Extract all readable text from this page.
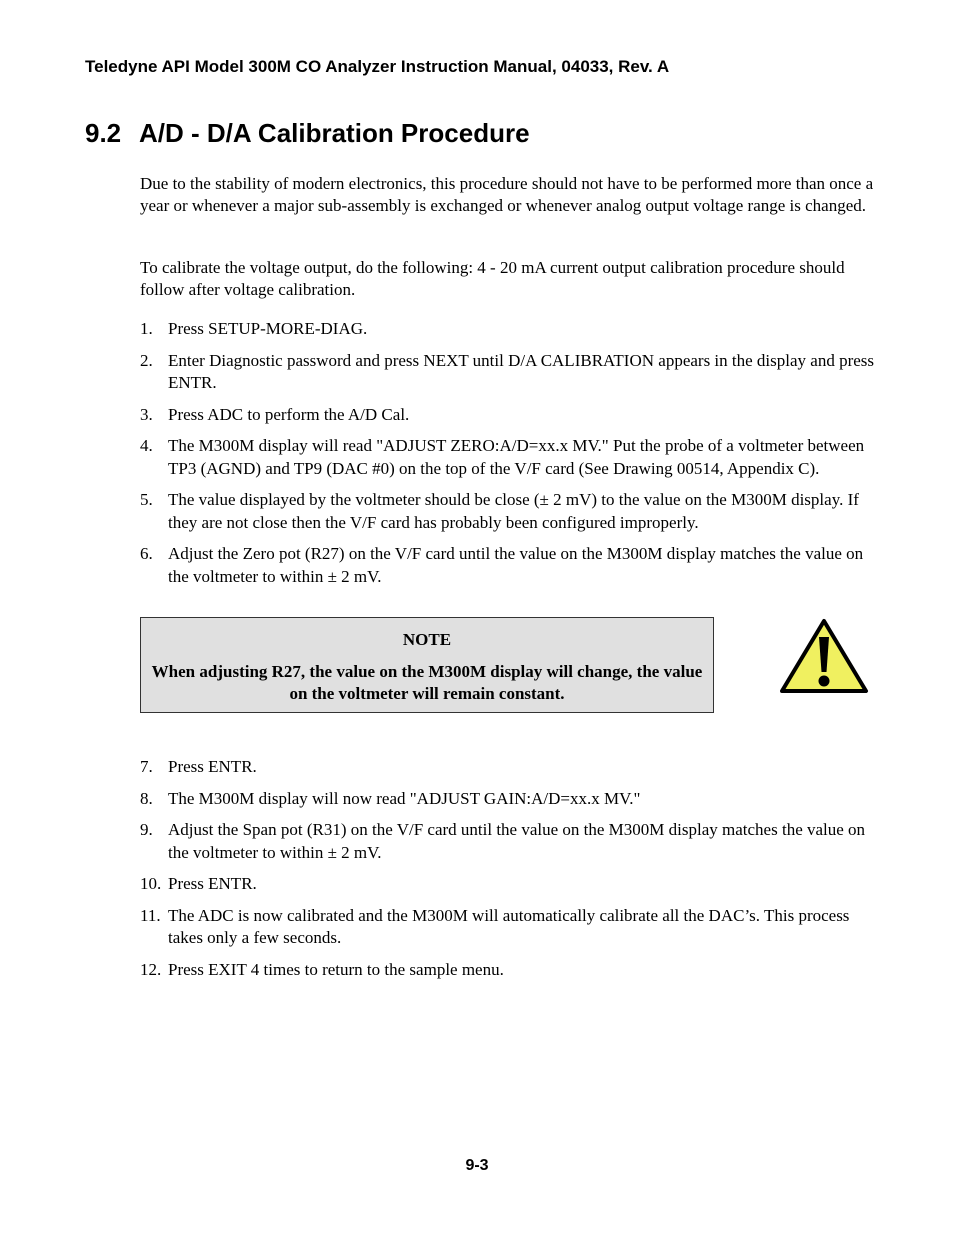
Teledyne API Model 300M CO Analyzer Instruction Manual, 04033, Rev. A
9.2 A/D - D/A Calibration Procedure

Due to the stability of modern electronics, this procedure should not have to be performed more than once a year or whenever a major sub-assembly is exchanged or whenever analog output voltage range is changed.

To calibrate the voltage output, do the following: 4 - 20 mA current output calibration procedure should follow after voltage calibration.

1. Press SETUP-MORE-DIAG.
2. Enter Diagnostic password and press NEXT until D/A CALIBRATION appears in the display and press ENTR.
3. Press ADC to perform the A/D Cal.
4. The M300M display will read "ADJUST ZERO:A/D=xx.x MV." Put the probe of a voltmeter between TP3 (AGND) and TP9 (DAC #0) on the top of the V/F card (See Drawing 00514, Appendix C).
5. The value displayed by the voltmeter should be close (± 2 mV) to the value on the M300M display. If they are not close then the V/F card has probably been configured improperly.
6. Adjust the Zero pot (R27) on the V/F card until the value on the M300M display matches the value on the voltmeter to within ± 2 mV.
NOTE
When adjusting R27, the value on the M300M display will change, the value on the voltmeter will remain constant.
7. Press ENTR.
8. The M300M display will now read "ADJUST GAIN:A/D=xx.x MV."
9. Adjust the Span pot (R31) on the V/F card until the value on the M300M display matches the value on the voltmeter to within ± 2 mV.
10. Press ENTR.
11. The ADC is now calibrated and the M300M will automatically calibrate all the DAC’s. This process takes only a few seconds.
12. Press EXIT 4 times to return to the sample menu.
9-3
